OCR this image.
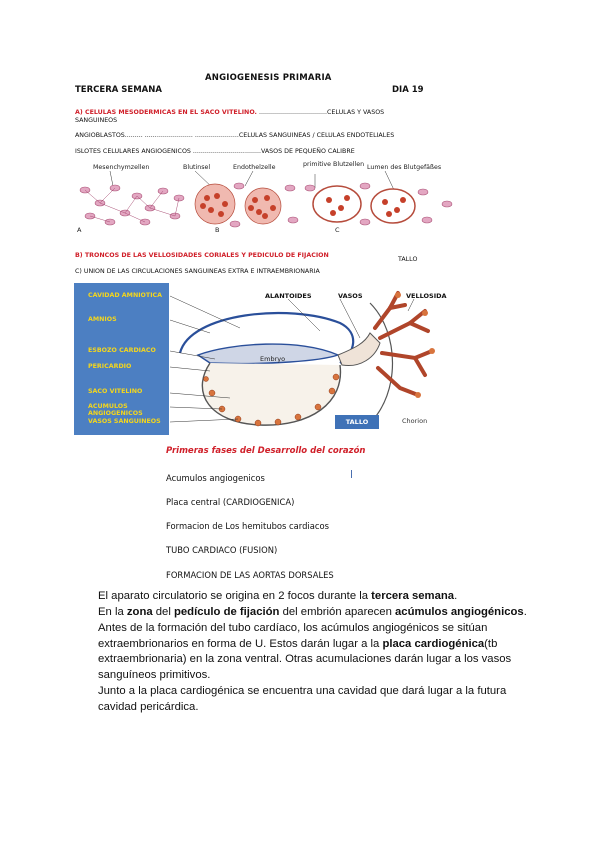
ANGIOGENESIS PRIMARIA
TERCERA SEMANA	DIA 19
A) CELULAS MESODERMICAS EN EL SACO VITELINO. ..................................CELULAS Y VASOS
SANGUINEOS
ANGIOBLASTOS......... ........................ ......................CELULAS SANGUINEAS / CELULAS ENDOTELIALES
ISLOTES CELULARES ANGIOGENICOS ..................................VASOS DE PEQUEÑO CALIBRE
Mesenchymzellen	Blutinsel	Endothelzelle	primitive Blutzellen Lumen des Blutgefäßes
A	B	C
B) TRONCOS DE LAS VELLOSIDADES CORIALES Y PEDICULO DE FIJACION
TALLO
C) UNION DE LAS CIRCULACIONES SANGUINEAS EXTRA E INTRAEMBRIONARIA
CAVIDAD AMNIOTICA
AMNIOS
ESBOZO CARDIACO
PERICARDIO
SACO VITELINO
ACUMULOS ANGIOGENICOS
VASOS SANGUINEOS
ALANTOIDES	VASOS	VELLOSIDA
Embryo
TALLO	Chorion
Primeras fases del Desarrollo del corazón
Acumulos angiogenicos
Placa central (CARDIOGENICA)
Formacion de Los hemitubos cardiacos
TUBO CARDIACO (FUSION)
FORMACION DE LAS AORTAS DORSALES
El aparato circulatorio se origina en 2 focos durante la tercera semana.
En la zona del pedículo de fijación del embrión aparecen acúmulos angiogénicos.
Antes de la formación del tubo cardíaco, los acúmulos angiogénicos se sitúan extraembrionarios en forma de U. Estos darán lugar a la placa cardiogénica(tb extraembrionaria) en la zona ventral. Otras acumulaciones darán lugar a los vasos sanguíneos primitivos.
Junto a la placa cardiogénica se encuentra una cavidad que dará lugar a la futura cavidad pericárdica.
